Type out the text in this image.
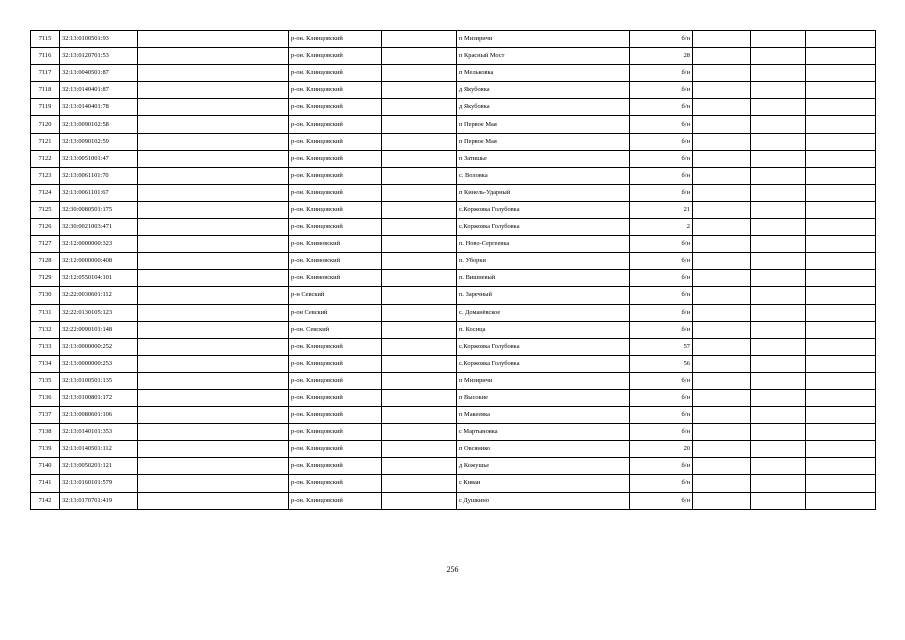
7115	32:13:0100501:93		р-он. Клинцовский		п Мизиричи	б/н			
7116	32:13:0120701:53		р-он. Клинцовский		п Красный Мост	28			
7117	32:13:0040501:87		р-он. Клинцовский		п Мельковка	б/н			
7118	32:13:0140401:87		р-он. Клинцовский		д Якубовка	б/н			
7119	32:13:0140401:78		р-он. Клинцовский		д Якубовка	б/н			
7120	32:13:0090102:58		р-он. Клинцовский		п Первое Мая	б/н			
7121	32:13:0090102:59		р-он. Клинцовский		п Первое Мая	б/н			
7122	32:13:0051001:47		р-он. Клинцовский		п Затишье	б/н			
7123	32:13:0061101:70		р-он. Клинцовский		с. Воловка	б/н			
7124	32:13:0061101:67		р-он. Клинцовский		п Кинель-Ударный	б/н			
7125	32:30:0080501:175		р-он. Клинцовский		с.Коржовка Голубовка	21			
7126	32:30:0021003:471		р-он. Клинцовский		с.Коржовка Голубовка	2			
7127	32:12:0000000:323		р-он. Климовский		п. Ново-Сергеевка	б/н			
7128	32:12:0000000:408		р-он. Климовский		п. Уборки	б/н			
7129	32:12:0550104:101		р-он. Климовский		п. Вишневый	б/н			
7130	32:22:0030601:112		р-н Севский		п. Заречный	б/н			
7131	32:22:0130105:123		р-он Севский		с. Доманёвское	б/н			
7132	32:22:0090101:148		р-он. Севский		п. Косица	б/н			
7133	32:13:0000000:252		р-он. Клинцовский		с.Коржовка Голубовка	57			
7134	32:13:0000000:253		р-он. Клинцовский		с.Коржовка Голубовка	56			
7135	32:13:0100501:135		р-он. Клинцовский		п Мизиричи	б/н			
7136	32:13:0100801:172		р-он. Клинцовский		п Высокие	б/н			
7137	32:13:0080601:106		р-он. Клинцовский		п Макеевка	б/н			
7138	32:13:0140101:353		р-он. Клинцовский		с Мартыновка	б/н			
7139	32:13:0140501:112		р-он. Клинцовский		п Овсянико	20			
7140	32:13:0050201:121		р-он. Клинцовский		д Кожушье	б/н			
7141	32:13:0160101:579		р-он. Клинцовский		с Киваи	б/н			
7142	32:13:0170701:419		р-он. Клинцовский		с Душкино	б/н			
256
